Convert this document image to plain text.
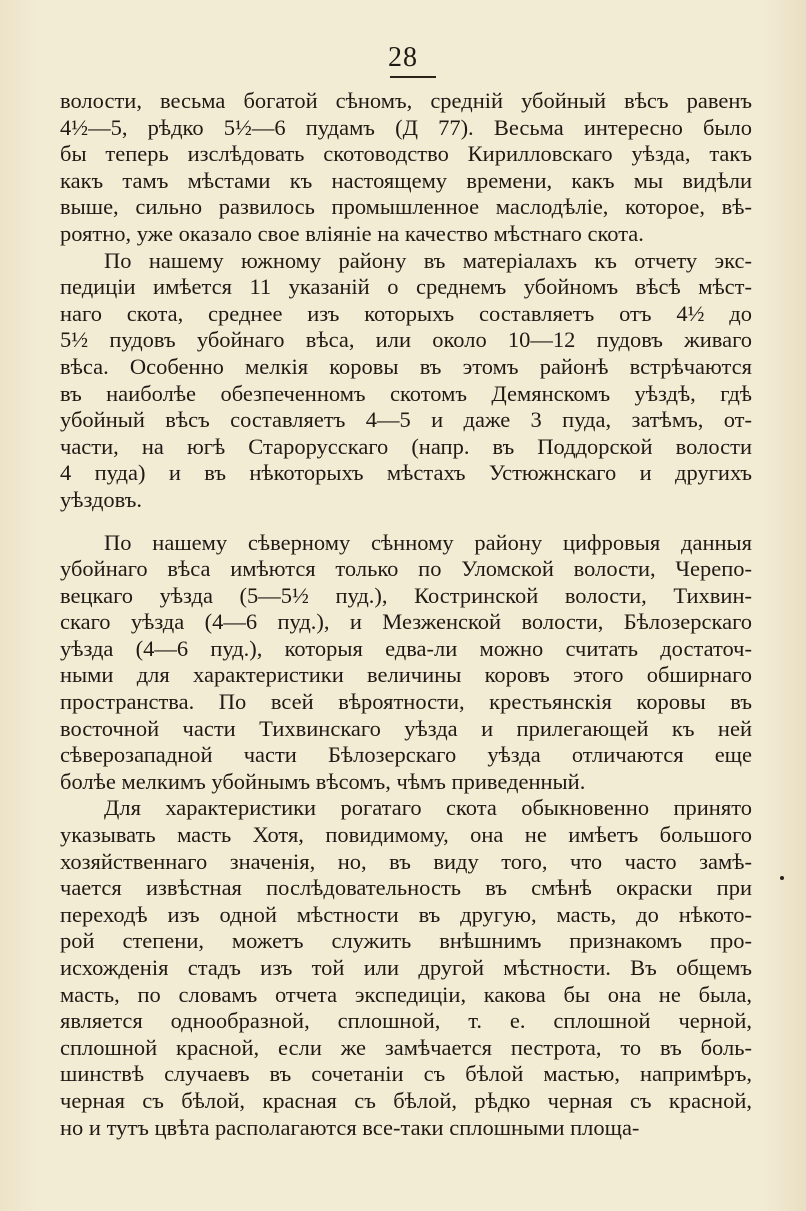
28
волости, весьма богатой сѣномъ, среднiй убойный вѣсъ равенъ
4½—5, рѣдко 5½—6 пудамъ (Д 77). Весьма интересно было
бы теперь изслѣдовать скотоводство Кирилловскаго уѣзда, такъ
какъ тамъ мѣстами къ настоящему времени, какъ мы видѣли
выше, сильно развилось промышленное маслодѣлiе, которое, вѣ-
роятно, уже оказало свое влiянiе на качество мѣстнаго скота.
По нашему южному району въ матерiалахъ къ отчету экс-
педицiи имѣется 11 указанiй о среднемъ убойномъ вѣсѣ мѣст-
наго скота, среднее изъ которыхъ составляетъ отъ 4½ до
5½ пудовъ убойнаго вѣса, или около 10—12 пудовъ живаго
вѣса. Особенно мелкiя коровы въ этомъ районѣ встрѣчаются
въ наиболѣе обезпеченномъ скотомъ Демянскомъ уѣздѣ, гдѣ
убойный вѣсъ составляетъ 4—5 и даже 3 пуда, затѣмъ, от-
части, на югѣ Старорусскаго (напр. въ Поддорской волости
4 пуда) и въ нѣкоторыхъ мѣстахъ Устюжнскаго и другихъ
уѣздовъ.
По нашему сѣверному сѣнному району цифровыя данныя
убойнаго вѣса имѣются только по Уломской волости, Черепо-
вецкаго уѣзда (5—5½ пуд.), Костринской волости, Тихвин-
скаго уѣзда (4—6 пуд.), и Мезженской волости, Бѣлозерскаго
уѣзда (4—6 пуд.), которыя едва-ли можно считать достаточ-
ными для характеристики величины коровъ этого обширнаго
пространства. По всей вѣроятности, крестьянскiя коровы въ
восточной части Тихвинскаго уѣзда и прилегающей къ ней
сѣверозападной части Бѣлозерскаго уѣзда отличаются еще
болѣе мелкимъ убойнымъ вѣсомъ, чѣмъ приведенный.
Для характеристики рогатаго скота обыкновенно принято
указывать масть Хотя, повидимому, она не имѣетъ большого
хозяйственнаго значенiя, но, въ виду того, что часто замѣ-
чается извѣстная послѣдовательность въ смѣнѣ окраски при
переходѣ изъ одной мѣстности въ другую, масть, до нѣкото-
рой степени, можетъ служить внѣшнимъ признакомъ про-
исхожденiя стадъ изъ той или другой мѣстности. Въ общемъ
масть, по словамъ отчета экспедицiи, какова бы она не была,
является однообразной, сплошной, т. е. сплошной черной,
сплошной красной, если же замѣчается пестрота, то въ боль-
шинствѣ случаевъ въ сочетанiи съ бѣлой мастью, напримѣръ,
черная съ бѣлой, красная съ бѣлой, рѣдко черная съ красной,
но и тутъ цвѣта располагаются все-таки сплошными площа-
